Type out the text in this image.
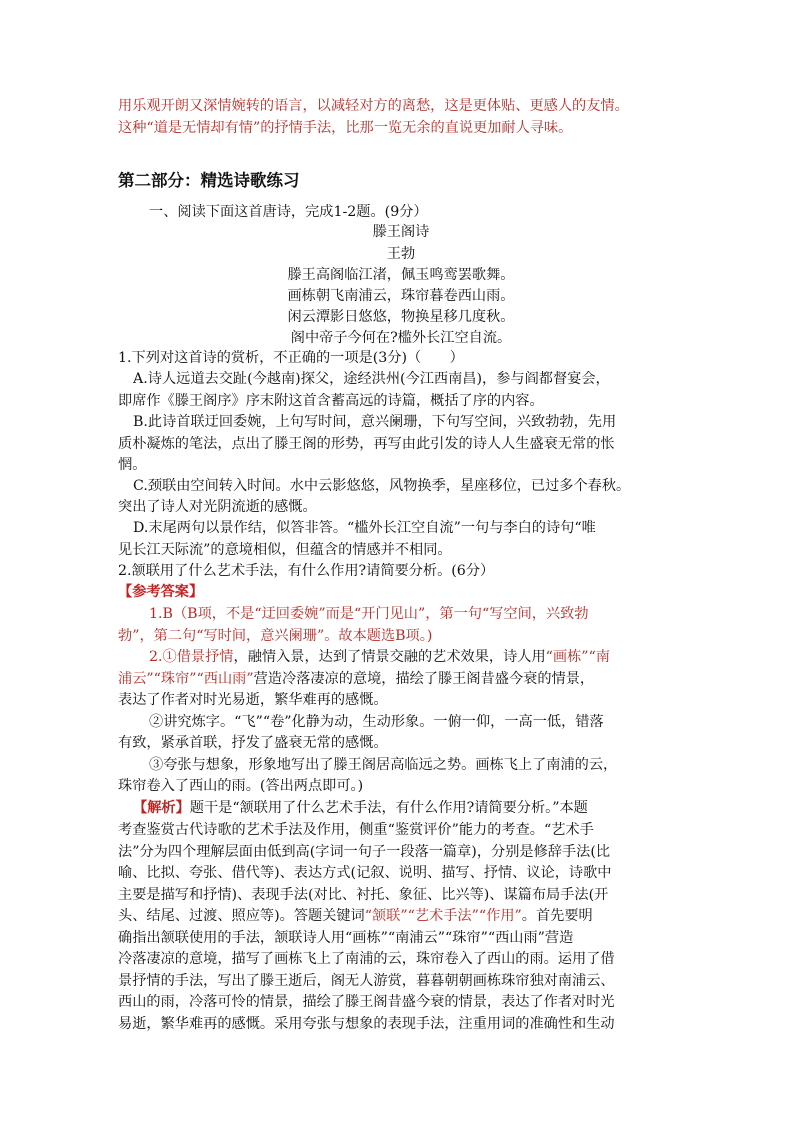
用乐观开朗又深情婉转的语言，以减轻对方的离愁，这是更体贴、更感人的友情。
这种“道是无情却有情”的抒情手法，比那一览无余的直说更加耐人寻味。
第二部分：精选诗歌练习
一、阅读下面这首唐诗，完成1-2题。(9分）
滕王阁诗
王勃
滕王高阁临江渚，佩玉鸣鸾罢歌舞。
画栋朝飞南浦云，珠帘暮卷西山雨。
闲云潭影日悠悠，物换星移几度秋。
阁中帝子今何在?槛外长江空自流。
1.下列对这首诗的赏析，不正确的一项是(3分)（　　）
A.诗人远道去交趾(今越南)探父，途经洪州(今江西南昌)，参与阎都督宴会，
即席作《滕王阁序》序末附这首含蓄高远的诗篇，概括了序的内容。
B.此诗首联迂回委婉，上句写时间，意兴阑珊，下句写空间，兴致勃勃，先用
质朴凝炼的笔法，点出了滕王阁的形势，再写由此引发的诗人人生盛衰无常的怅
惘。
C.颈联由空间转入时间。水中云影悠悠，风物换季，星座移位，已过多个春秋。
突出了诗人对光阴流逝的感慨。
D.末尾两句以景作结，似答非答。“槛外长江空自流”一句与李白的诗句“唯
见长江天际流”的意境相似，但蕴含的情感并不相同。
2.颔联用了什么艺术手法，有什么作用?请简要分析。(6分）
【参考答案】
1.B（B项，不是“迂回委婉”而是“开门见山”，第一句“写空间，兴致勃
勃”，第二句“写时间，意兴阑珊”。故本题选B项。)
2.①借景抒情，融情入景，达到了情景交融的艺术效果，诗人用“画栋”“南
浦云”“珠帘”“西山雨”营造冷落凄凉的意境，描绘了滕王阁昔盛今衰的情景，
表达了作者对时光易逝，繁华难再的感慨。
②讲究炼字。“飞”“卷”化静为动，生动形象。一俯一仰，一高一低，错落
有致，紧承首联，抒发了盛衰无常的感慨。
③夸张与想象，形象地写出了滕王阁居高临远之势。画栋飞上了南浦的云，
珠帘卷入了西山的雨。(答出两点即可。)
【解析】题干是“颔联用了什么艺术手法，有什么作用?请简要分析。”本题
考查鉴赏古代诗歌的艺术手法及作用，侧重“鉴赏评价”能力的考查。“艺术手
法”分为四个理解层面由低到高(字词一句子一段落一篇章)，分别是修辞手法(比
喻、比拟、夸张、借代等)、表达方式(记叙、说明、描写、抒情、议论，诗歌中
主要是描写和抒情)、表现手法(对比、衬托、象征、比兴等)、谋篇布局手法(开
头、结尾、过渡、照应等)。答题关键词“颔联”“艺术手法”“作用”。首先要明
确指出颔联使用的手法，颔联诗人用“画栋”“南浦云”“珠帘”“西山雨”营造
冷落凄凉的意境，描写了画栋飞上了南浦的云，珠帘卷入了西山的雨。运用了借
景抒情的手法，写出了滕王逝后，阁无人游赏，暮暮朝朝画栋珠帘独对南浦云、
西山的雨，冷落可怜的情景，描绘了滕王阁昔盛今衰的情景，表达了作者对时光
易逝，繁华难再的感慨。采用夸张与想象的表现手法，注重用词的准确性和生动
